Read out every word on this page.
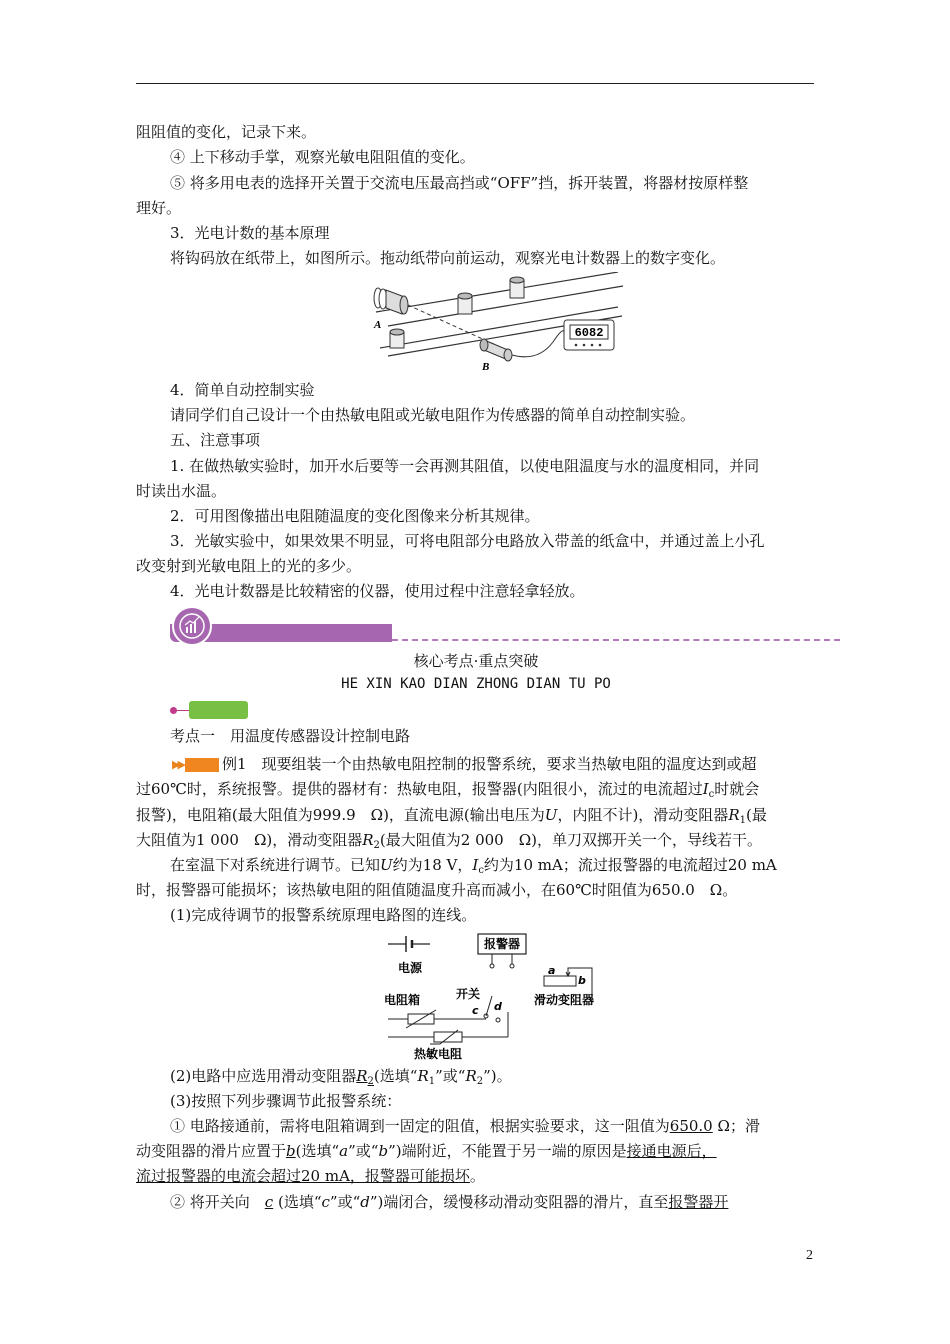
阻阻值的变化，记录下来。

④ 上下移动手掌，观察光敏电阻阻值的变化。

⑤ 将多用电表的选择开关置于交流电压最高挡或“OFF”挡，拆开装置，将器材按原样整

理好。

3．光电计数的基本原理

将钩码放在纸带上，如图所示。拖动纸带向前运动，观察光电计数器上的数字变化。

6082
A
B

4．简单自动控制实验

请同学们自己设计一个由热敏电阻或光敏电阻作为传感器的简单自动控制实验。

五、注意事项

1. 在做热敏实验时，加开水后要等一会再测其阻值，以使电阻温度与水的温度相同，并同

时读出水温。

2．可用图像描出电阻随温度的变化图像来分析其规律。

3．光敏实验中，如果效果不明显，可将电阻部分电路放入带盖的纸盒中，并通过盖上小孔

改变射到光敏电阻上的光的多少。

4．光电计数器是比较精密的仪器，使用过程中注意轻拿轻放。

核心考点·重点突破
HE XIN KAO DIAN ZHONG DIAN TU PO

考点一　用温度传感器设计控制电路

▶▶	例1　现要组装一个由热敏电阻控制的报警系统，要求当热敏电阻的温度达到或超

过60℃时，系统报警。提供的器材有：热敏电阻，报警器(内阻很小，流过的电流超过$I_c$时就会

报警)，电阻箱(最大阻值为999.9　Ω)，直流电源(输出电压为U，内阻不计)，滑动变阻器$R_1$(最

大阻值为1 000　Ω)，滑动变阻器$R_2$(最大阻值为2 000　Ω)，单刀双掷开关一个，导线若干。

在室温下对系统进行调节。已知U约为18 V，$I_c$约为10 mA；流过报警器的电流超过20 mA

时，报警器可能损坏；该热敏电阻的阻值随温度升高而减小，在60℃时阻值为650.0　Ω。

(1)完成待调节的报警系统原理电路图的连线。

电源
报警器
a
b
滑动变阻器
开关
c d
电阻箱
热敏电阻

(2)电路中应选用滑动变阻器$R_2$(选填“$R_1$”或“$R_2$”)。

(3)按照下列步骤调节此报警系统：

① 电路接通前，需将电阻箱调到一固定的阻值，根据实验要求，这一阻值为650.0 Ω；滑

动变阻器的滑片应置于b(选填“a”或“b”)端附近，不能置于另一端的原因是接通电源后，

流过报警器的电流会超过20 mA，报警器可能损坏。

② 将开关向　c (选填“c”或“d”)端闭合，缓慢移动滑动变阻器的滑片，直至报警器开

2
